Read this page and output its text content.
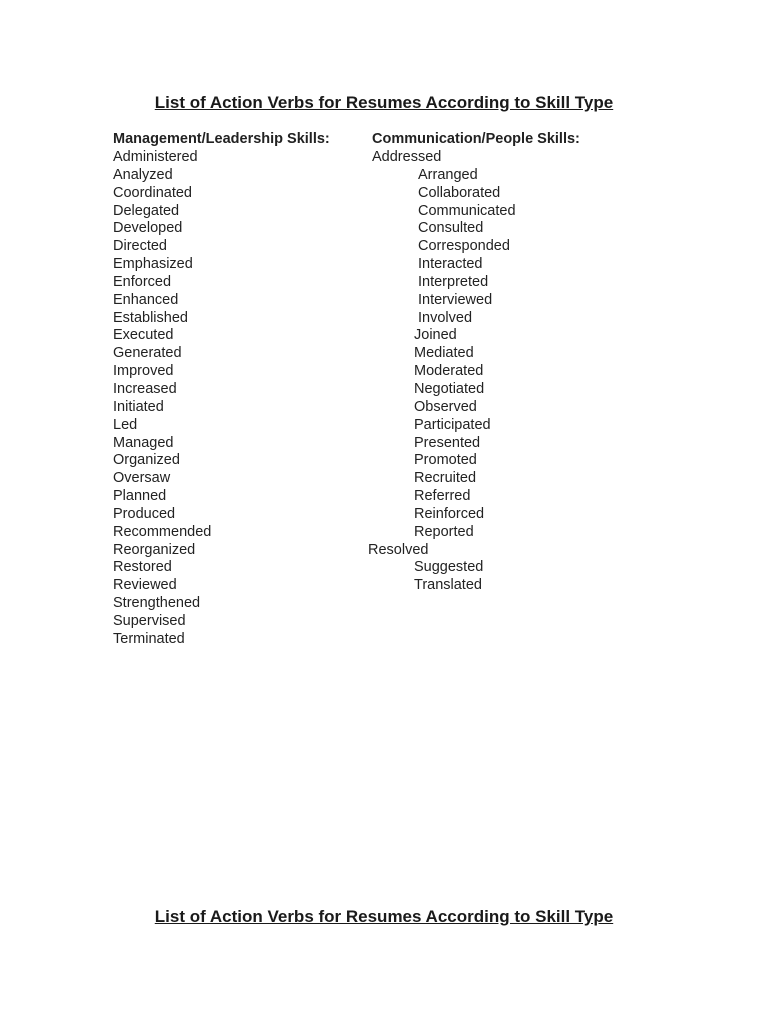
List of Action Verbs for Resumes According to Skill Type
Management/Leadership Skills:
Administered
Analyzed
Coordinated
Delegated
Developed
Directed
Emphasized
Enforced
Enhanced
Established
Executed
Generated
Improved
Increased
Initiated
Led
Managed
Organized
Oversaw
Planned
Produced
Recommended
Reorganized
Restored
Reviewed
Strengthened
Supervised
Terminated
Communication/People Skills:
Addressed
Arranged
Collaborated
Communicated
Consulted
Corresponded
Interacted
Interpreted
Interviewed
Involved
Joined
Mediated
Moderated
Negotiated
Observed
Participated
Presented
Promoted
Recruited
Referred
Reinforced
Reported
Resolved
Suggested
Translated
List of Action Verbs for Resumes According to Skill Type
